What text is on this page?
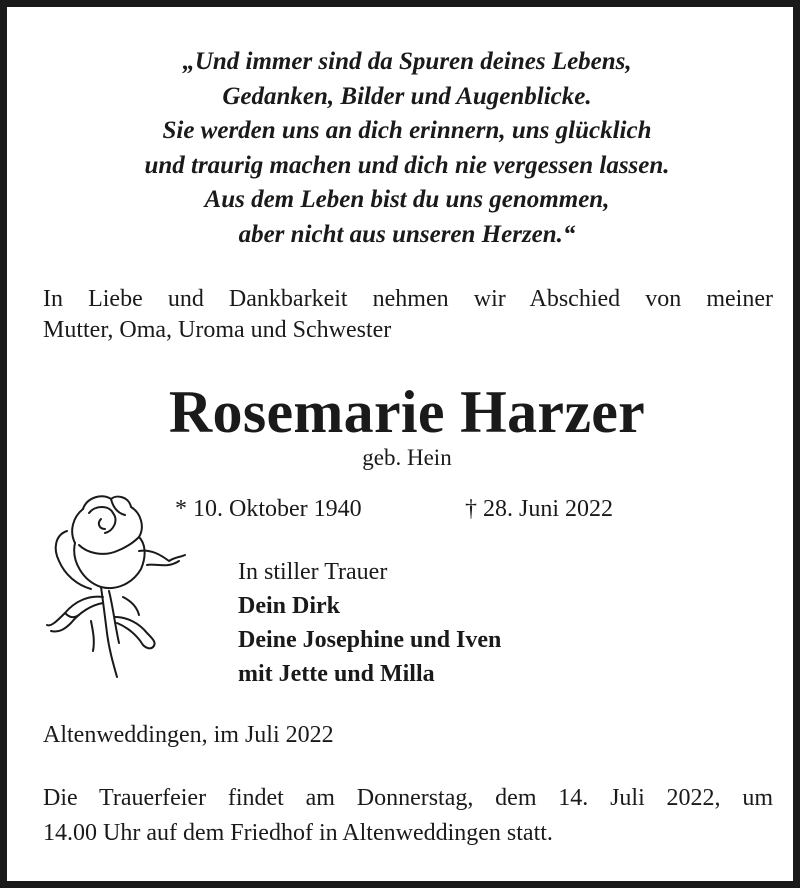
„Und immer sind da Spuren deines Lebens,
Gedanken, Bilder und Augenblicke.
Sie werden uns an dich erinnern, uns glücklich
und traurig machen und dich nie vergessen lassen.
Aus dem Leben bist du uns genommen,
aber nicht aus unseren Herzen.“
In Liebe und Dankbarkeit nehmen wir Abschied von meiner
Mutter, Oma, Uroma und Schwester
Rosemarie Harzer
geb. Hein
* 10. Oktober 1940	† 28. Juni 2022
In stiller Trauer
Dein Dirk
Deine Josephine und Iven
mit Jette und Milla
Altenweddingen, im Juli 2022
Die Trauerfeier findet am Donnerstag, dem 14. Juli 2022, um
14.00 Uhr auf dem Friedhof in Altenweddingen statt.
